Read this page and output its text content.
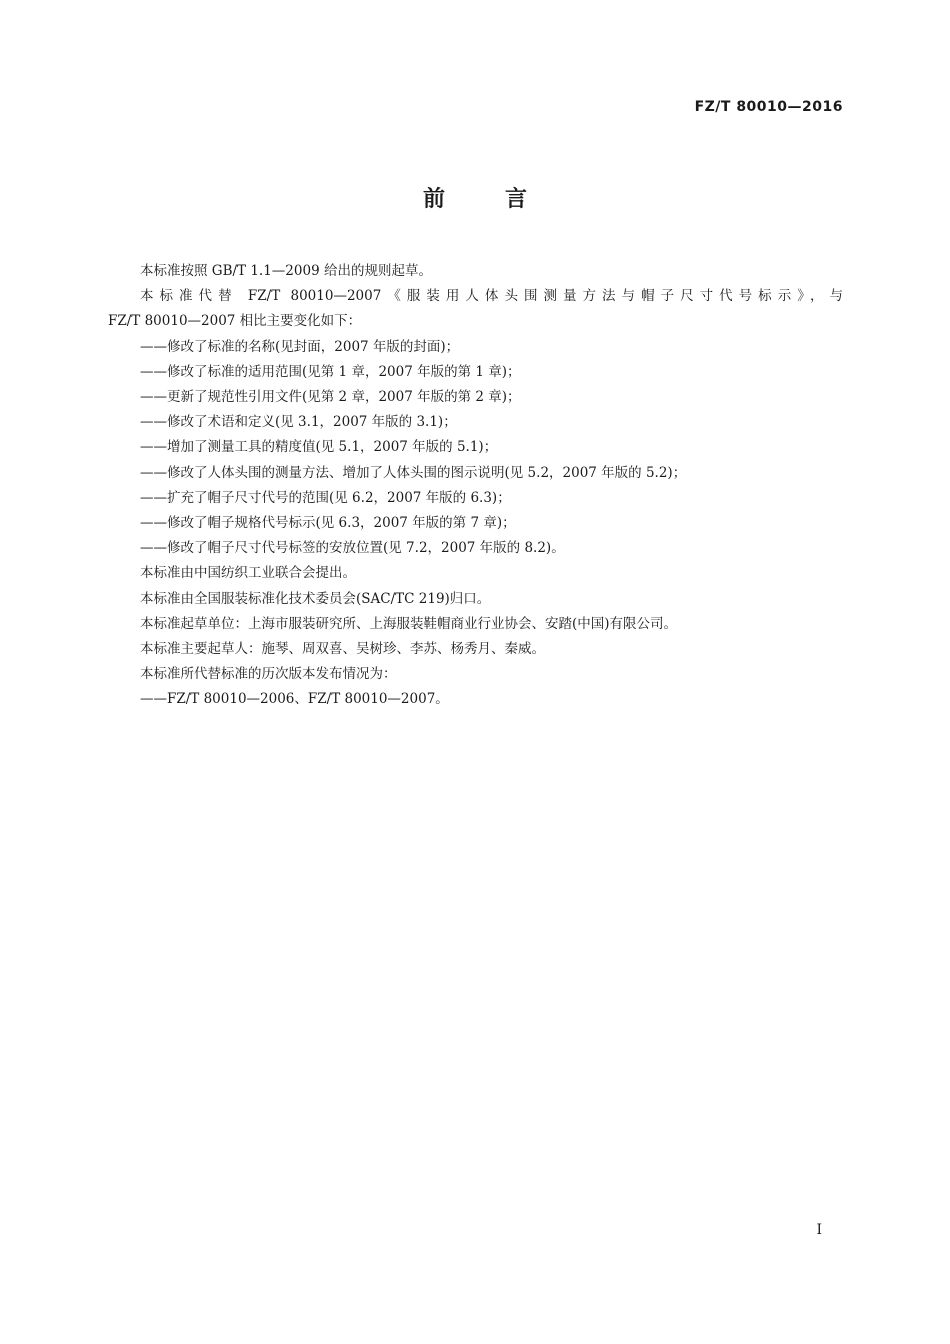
FZ/T 80010—2016
前言

本标准按照 GB/T 1.1—2009 给出的规则起草。

本标准代替 FZ/T 80010—2007《服装用人体头围测量方法与帽子尺寸代号标示》，与

FZ/T 80010—2007 相比主要变化如下：

——修改了标准的名称(见封面，2007 年版的封面)；

——修改了标准的适用范围(见第 1 章，2007 年版的第 1 章)；

——更新了规范性引用文件(见第 2 章，2007 年版的第 2 章)；

——修改了术语和定义(见 3.1，2007 年版的 3.1)；

——增加了测量工具的精度值(见 5.1，2007 年版的 5.1)；

——修改了人体头围的测量方法、增加了人体头围的图示说明(见 5.2，2007 年版的 5.2)；

——扩充了帽子尺寸代号的范围(见 6.2，2007 年版的 6.3)；

——修改了帽子规格代号标示(见 6.3，2007 年版的第 7 章)；

——修改了帽子尺寸代号标签的安放位置(见 7.2，2007 年版的 8.2)。

本标准由中国纺织工业联合会提出。

本标准由全国服装标准化技术委员会(SAC/TC 219)归口。

本标准起草单位：上海市服装研究所、上海服装鞋帽商业行业协会、安踏(中国)有限公司。

本标准主要起草人：施琴、周双喜、吴树珍、李苏、杨秀月、秦威。

本标准所代替标准的历次版本发布情况为：

——FZ/T 80010—2006、FZ/T 80010—2007。

I
